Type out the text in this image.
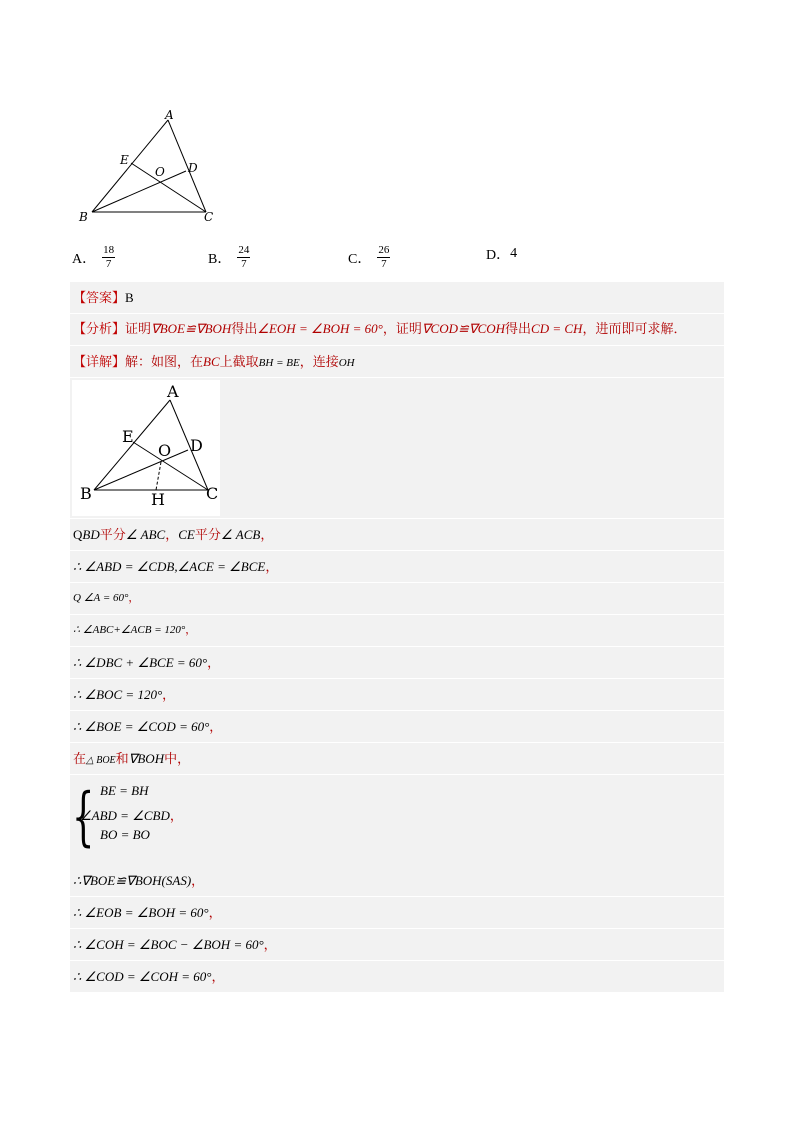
A
B	C
D
E
O
A． $\frac{18}{7}$	B． $\frac{24}{7}$	C． $\frac{26}{7}$	D． 4
【答案】B
【分析】证明∇BOE≌∇BOH得出∠EOH = ∠BOH = 60°，证明∇COD≌∇COH得出CD = CH，进而即可求解．
【详解】解：如图，在BC上截取BH = BE，连接OH
A
B	C
D
E
O
H
QBD平分∠ ABC，CE平分∠ ACB，
∴ ∠ABD = ∠CDB,∠ACE = ∠BCE，
Q ∠A = 60°，
∴ ∠ABC+∠ACB = 120°，
∴ ∠DBC + ∠BCE = 60°，
∴ ∠BOC = 120°，
∴ ∠BOE = ∠COD = 60°，
在△ BOE和∇BOH中，
{ BE = BH
∠ABD = ∠CBD，
BO = BO
∴∇BOE≌∇BOH(SAS)，
∴ ∠EOB = ∠BOH = 60°，
∴ ∠COH = ∠BOC − ∠BOH = 60°，
∴ ∠COD = ∠COH = 60°，
